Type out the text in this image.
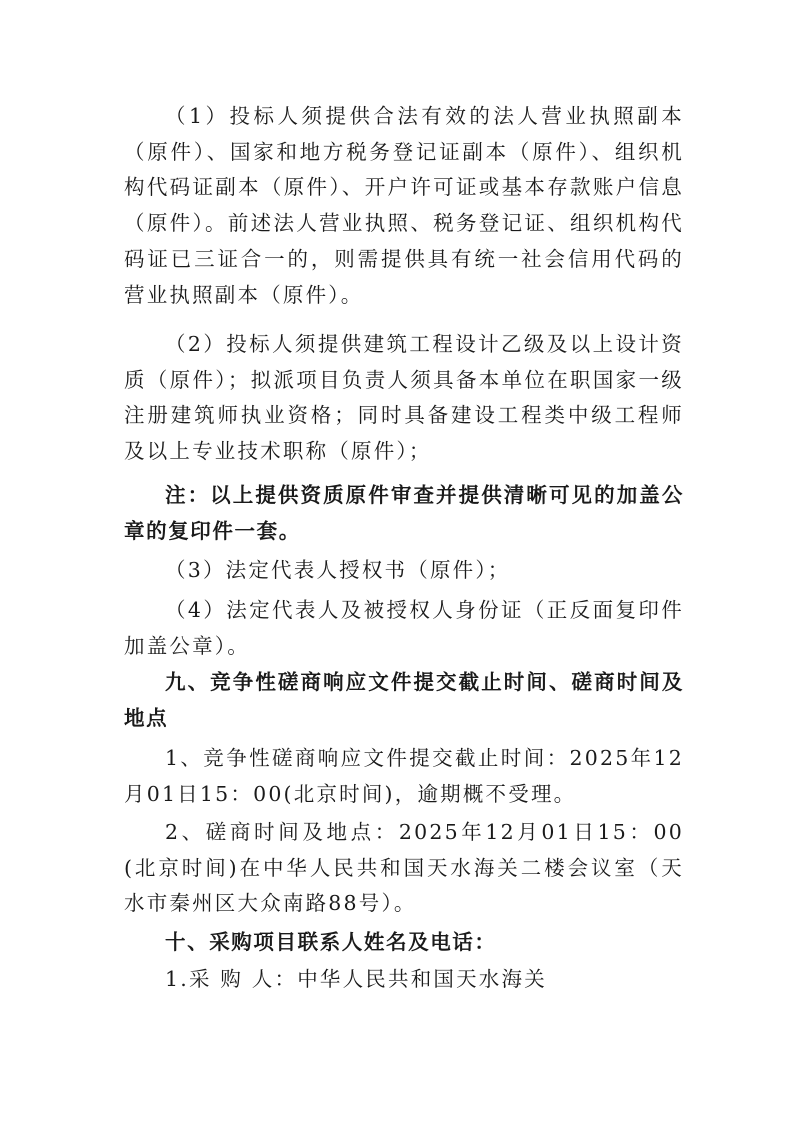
（1）投标人须提供合法有效的法人营业执照副本（原件）、国家和地方税务登记证副本（原件）、组织机构代码证副本（原件）、开户许可证或基本存款账户信息（原件）。前述法人营业执照、税务登记证、组织机构代码证已三证合一的，则需提供具有统一社会信用代码的营业执照副本（原件）。

（2）投标人须提供建筑工程设计乙级及以上设计资质（原件）；拟派项目负责人须具备本单位在职国家一级注册建筑师执业资格；同时具备建设工程类中级工程师及以上专业技术职称（原件）；

注：以上提供资质原件审查并提供清晰可见的加盖公章的复印件一套。

（3）法定代表人授权书（原件）；

（4）法定代表人及被授权人身份证（正反面复印件加盖公章）。

九、竞争性磋商响应文件提交截止时间、磋商时间及地点

1、竞争性磋商响应文件提交截止时间：2025年12月01日15：00(北京时间)，逾期概不受理。

2、磋商时间及地点：2025年12月01日15：00(北京时间)在中华人民共和国天水海关二楼会议室（天水市秦州区大众南路88号）。

十、采购项目联系人姓名及电话：

1.采 购 人：中华人民共和国天水海关
